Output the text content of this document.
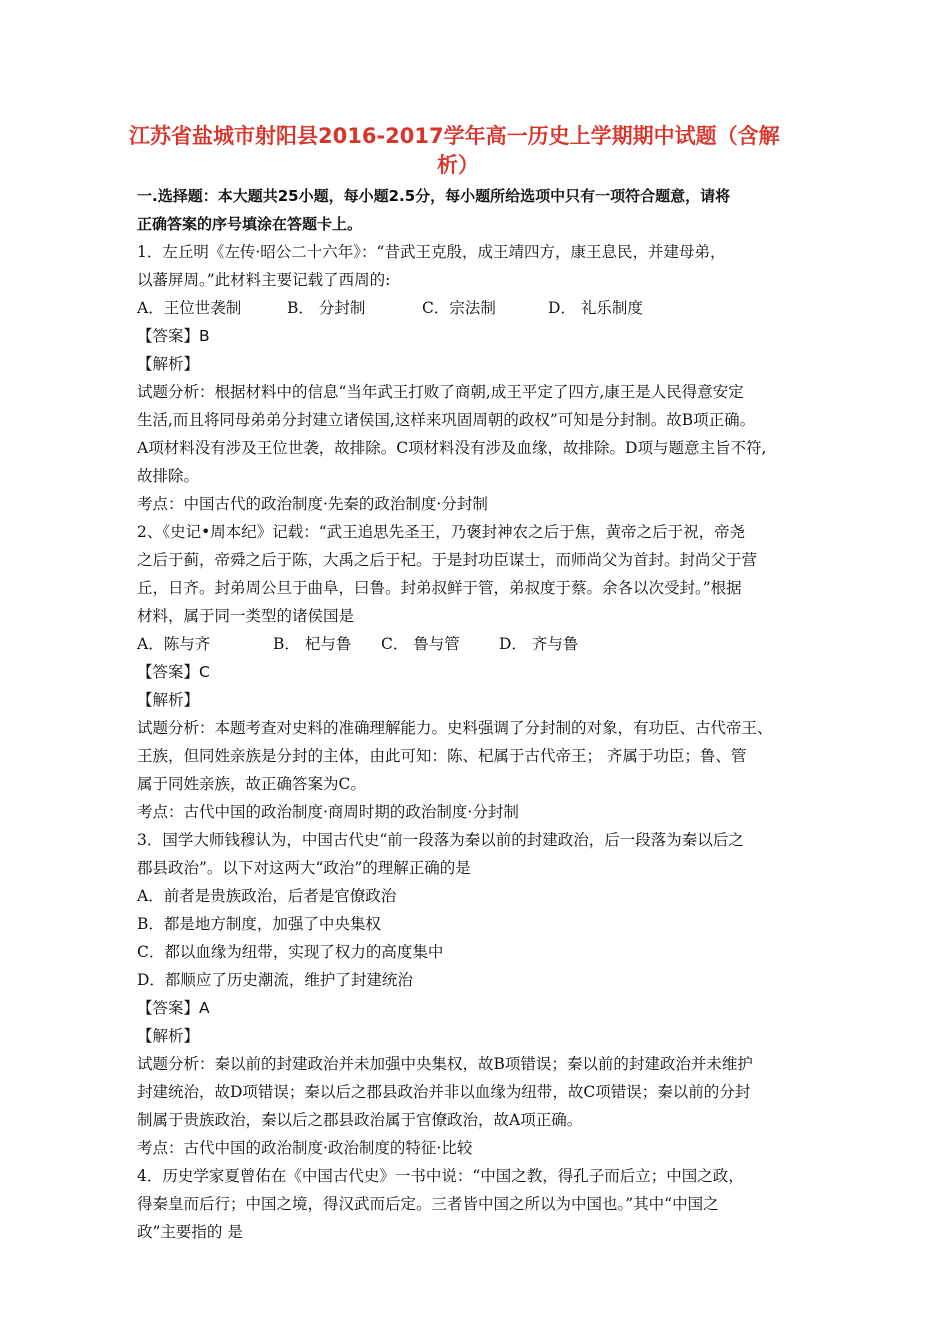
江苏省盐城市射阳县2016-2017学年高一历史上学期期中试题（含解
析）
一.选择题：本大题共25小题，每小题2.5分，每小题所给选项中只有一项符合题意，请将
正确答案的序号填涂在答题卡上。

1．左丘明《左传·昭公二十六年》：“昔武王克殷，成王靖四方，康王息民，并建母弟，

以蕃屏周。”此材料主要记载了西周的:

A．王位世袭制	B． 分封制	C．宗法制	D． 礼乐制度

【答案】B

【解析】

试题分析：根据材料中的信息“当年武王打败了商朝,成王平定了四方,康王是人民得意安定

生活,而且将同母弟弟分封建立诸侯国,这样来巩固周朝的政权”可知是分封制。故B项正确。

A项材料没有涉及王位世袭，故排除。C项材料没有涉及血缘，故排除。D项与题意主旨不符,

故排除。

考点：中国古代的政治制度·先秦的政治制度·分封制

2、《史记•周本纪》记载：“武王追思先圣王，乃褒封神农之后于焦，黄帝之后于祝，帝尧

之后于蓟，帝舜之后于陈，大禹之后于杞。于是封功臣谋士，而师尚父为首封。封尚父于营

丘，日齐。封弟周公旦于曲阜，曰鲁。封弟叔鲜于管，弟叔度于蔡。余各以次受封。”根据

材料，属于同一类型的诸侯国是

A．陈与齐	B． 杞与鲁 C． 鲁与管	D． 齐与鲁

【答案】C

【解析】

试题分析：本题考查对史料的准确理解能力。史料强调了分封制的对象，有功臣、古代帝王、

王族，但同姓亲族是分封的主体，由此可知：陈、杞属于古代帝王； 齐属于功臣；鲁、管

属于同姓亲族，故正确答案为C。

考点：古代中国的政治制度·商周时期的政治制度·分封制

3．国学大师钱穆认为，中国古代史“前一段落为秦以前的封建政治，后一段落为秦以后之

郡县政治”。以下对这两大“政治”的理解正确的是

A．前者是贵族政治，后者是官僚政治

B．都是地方制度，加强了中央集权

C．都以血缘为纽带，实现了权力的高度集中

D．都顺应了历史潮流，维护了封建统治

【答案】A

【解析】

试题分析：秦以前的封建政治并未加强中央集权，故B项错误；秦以前的封建政治并未维护

封建统治，故D项错误；秦以后之郡县政治并非以血缘为纽带，故C项错误；秦以前的分封

制属于贵族政治，秦以后之郡县政治属于官僚政治，故A项正确。

考点：古代中国的政治制度·政治制度的特征·比较

4．历史学家夏曾佑在《中国古代史》一书中说：“中国之教，得孔子而后立；中国之政，

得秦皇而后行；中国之境，得汉武而后定。三者皆中国之所以为中国也。”其中“中国之

政”主要指的 是
